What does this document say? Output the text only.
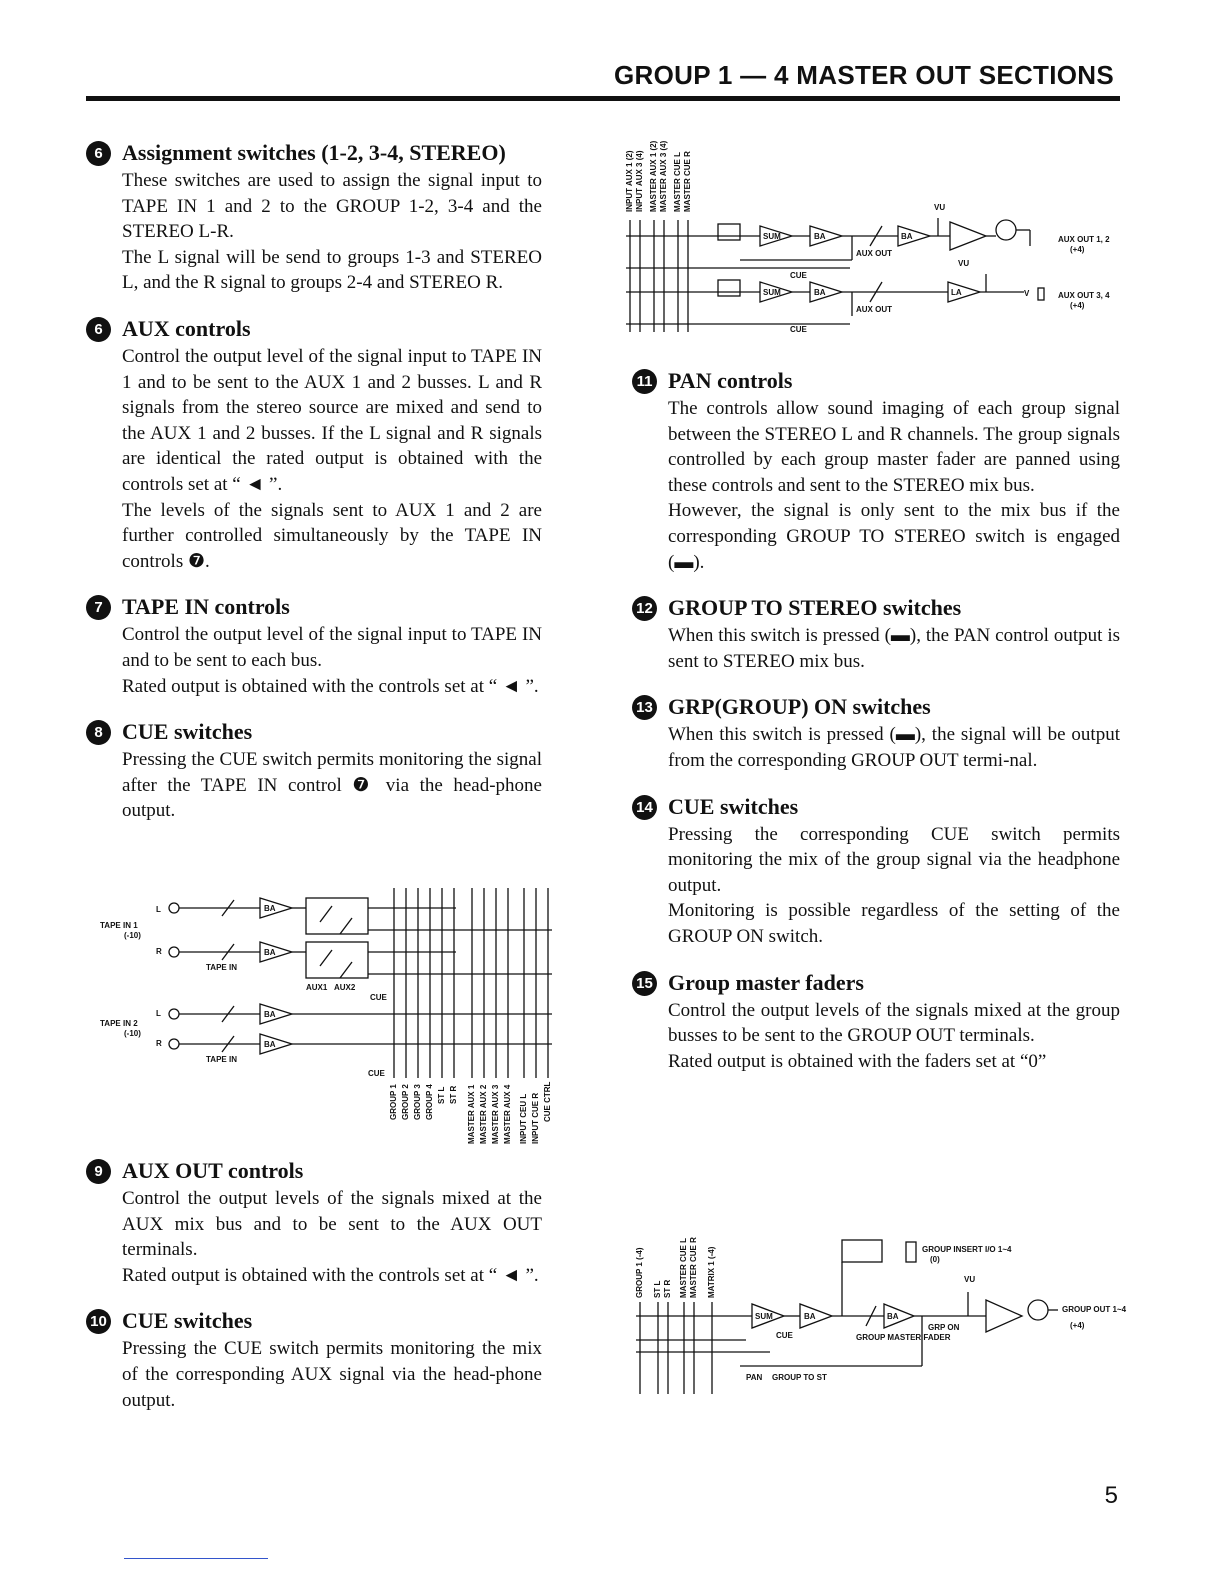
GROUP 1 — 4 MASTER OUT SECTIONS
6 Assignment switches (1-2, 3-4, STEREO)

These switches are used to assign the signal input to TAPE IN 1 and 2 to the GROUP 1-2, 3-4 and the STEREO L-R.

The L signal will be send to groups 1-3 and STEREO L, and the R signal to groups 2-4 and STEREO R.

6 AUX controls

Control the output level of the signal input to TAPE IN 1 and to be sent to the AUX 1 and 2 busses. L and R signals from the stereo source are mixed and send to the AUX 1 and 2 busses. If the L signal and R signals are identical the rated output is obtained with the controls set at “ ◄ ”.

The levels of the signals sent to AUX 1 and 2 are further controlled simultaneously by the TAPE IN controls ❼.

7 TAPE IN controls

Control the output level of the signal input to TAPE IN and to be sent to each bus.

Rated output is obtained with the controls set at “ ◄ ”.

8 CUE switches

Pressing the CUE switch permits monitoring the signal after the TAPE IN control ❼ via the head-phone output.

9 AUX OUT controls

Control the output levels of the signals mixed at the AUX mix bus and to be sent to the AUX OUT terminals.

Rated output is obtained with the controls set at “ ◄ ”.

10 CUE switches

Pressing the CUE switch permits monitoring the mix of the corresponding AUX signal via the head-phone output.

11 PAN controls

The controls allow sound imaging of each group signal between the STEREO L and R channels. The group signals controlled by each group master fader are panned using these controls and sent to the STEREO mix bus.

However, the signal is only sent to the mix bus if the corresponding GROUP TO STEREO switch is engaged (▬).

12 GROUP TO STEREO switches

When this switch is pressed (▬), the PAN control output is sent to STEREO mix bus.

13 GRP(GROUP) ON switches

When this switch is pressed (▬), the signal will be output from the corresponding GROUP OUT termi-nal.

14 CUE switches

Pressing the corresponding CUE switch permits monitoring the mix of the group signal via the headphone output.

Monitoring is possible regardless of the setting of the GROUP ON switch.

15 Group master faders

Control the output levels of the signals mixed at the group busses to be sent to the GROUP OUT terminals.

Rated output is obtained with the faders set at “0”

INPUT AUX 1 (2) INPUT AUX 3 (4) MASTER AUX 1 (2) MASTER AUX 3 (4) MASTER CUE L MASTER CUE R
SUM	BA	BA
VU
AUX OUT 1, 2
(+4)
AUX OUT
CUE
VU
SUM	BA	LA	V	AUX OUT 3, 4
(+4)
AUX OUT
CUE
TAPE IN 1
(-10)
TAPE IN 2
(-10)
L	BA
R	BA
TAPE IN
L	BA
R	BA
TAPE IN
AUX1 AUX2
CUE
CUE
GROUP 1 GROUP 2 GROUP 3 GROUP 4 ST L ST R MASTER AUX 1 MASTER AUX 2 MASTER AUX 3 MASTER AUX 4 INPUT CEU L INPUT CUE R CUE CTRL
GROUP 1 (-4) ST L ST R MASTER CUE L MASTER CUE R MATRIX 1 (-4)
SUM	BA
GROUP INSERT I/O 1~4
(0)
VU
BA
GRP ON
GROUP OUT 1~4
(+4)
CUE	GROUP MASTER FADER
PAN GROUP TO ST
5
